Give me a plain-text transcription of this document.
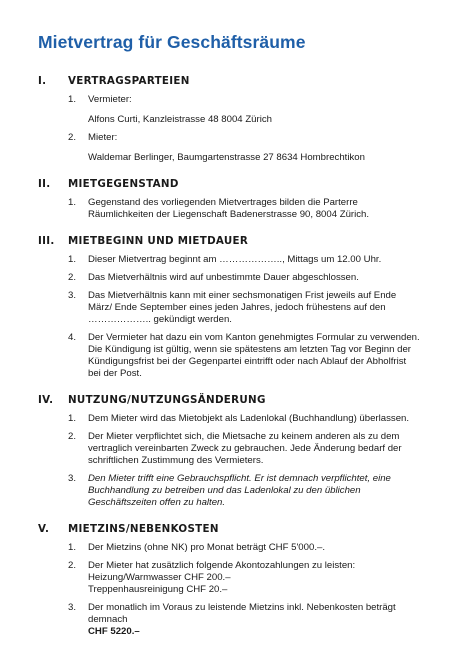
Mietvertrag für Geschäftsräume
I.	VERTRAGSPARTEIEN
1.	Vermieter:
Alfons Curti, Kanzleistrasse 48 8004 Zürich
2.	Mieter:
Waldemar Berlinger, Baumgartenstrasse 27 8634 Hombrechtikon
II.	MIETGEGENSTAND
1.	Gegenstand des vorliegenden Mietvertrages bilden die Parterre
Räumlichkeiten der Liegenschaft Badenerstrasse 90, 8004 Zürich.
III.	MIETBEGINN UND MIETDAUER
1.	Dieser Mietvertrag beginnt am ……………….., Mittags um 12.00 Uhr.
2.	Das Mietverhältnis wird auf unbestimmte Dauer abgeschlossen.
3.	Das Mietverhältnis kann mit einer sechsmonatigen Frist jeweils auf Ende
März/ Ende September eines jeden Jahres, jedoch frühestens auf den
……………….. gekündigt werden.
4.	Der Vermieter hat dazu ein vom Kanton genehmigtes Formular zu verwenden.
Die Kündigung ist gültig, wenn sie spätestens am letzten Tag vor Beginn der
Kündigungsfrist bei der Gegenpartei eintrifft oder nach Ablauf der Abholfrist
bei der Post.
IV.	NUTZUNG/NUTZUNGSÄNDERUNG
1.	Dem Mieter wird das Mietobjekt als Ladenlokal (Buchhandlung) überlassen.
2.	Der Mieter verpflichtet sich, die Mietsache zu keinem anderen als zu dem
vertraglich vereinbarten Zweck zu gebrauchen. Jede Änderung bedarf der
schriftlichen Zustimmung des Vermieters.
3.	Den Mieter trifft eine Gebrauchspflicht. Er ist demnach verpflichtet, eine
Buchhandlung zu betreiben und das Ladenlokal zu den üblichen
Geschäftszeiten offen zu halten.
V.	MIETZINS/NEBENKOSTEN
1.	Der Mietzins (ohne NK) pro Monat beträgt CHF 5'000.–.
2.	Der Mieter hat zusätzlich folgende Akontozahlungen zu leisten:
Heizung/Warmwasser CHF 200.–
Treppenhausreinigung CHF 20.–
3.	Der monatlich im Voraus zu leistende Mietzins inkl. Nebenkosten beträgt
demnach
CHF 5220.–
